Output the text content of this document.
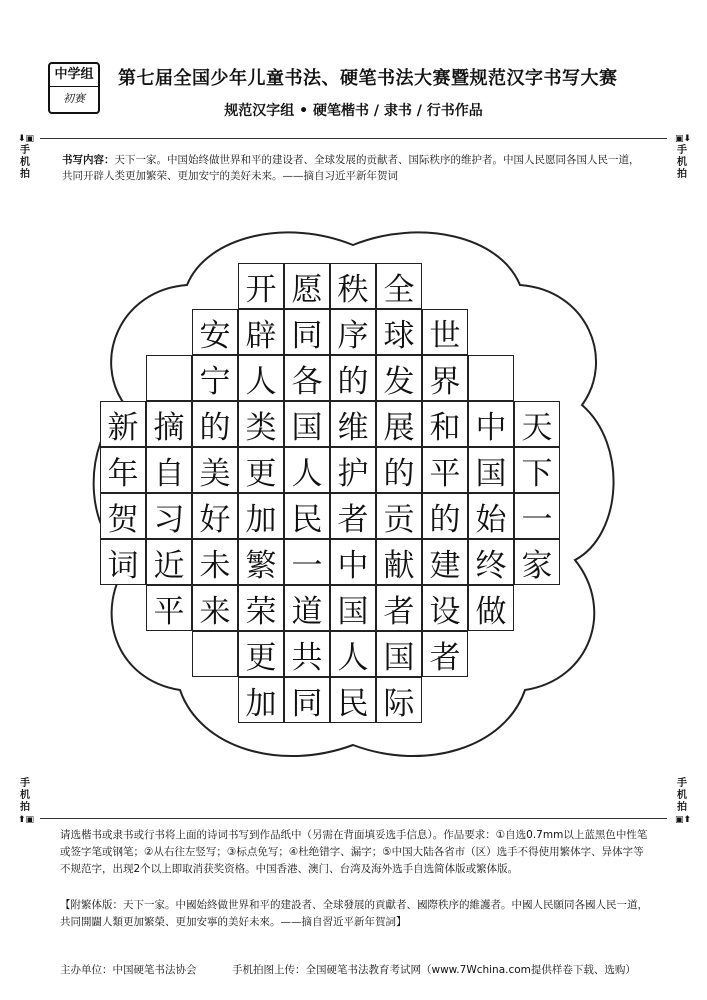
中学组
初赛
第七届全国少年儿童书法、硬笔书法大赛暨规范汉字书写大赛
规范汉字组 • 硬笔楷书 / 隶书 / 行书作品
⬇▣
手机拍
▣⬇
手机拍
手机拍
⬆▣
手机拍
▣⬆
书写内容：天下一家。中国始终做世界和平的建设者、全球发展的贡献者、国际秩序的维护者。中国人民愿同各国人民一道，共同开辟人类更加繁荣、更加安宁的美好未来。——摘自习近平新年贺词
开 愿 秩 全
安 辟 同 序 球 世
宁 人 各 的 发 界
新 摘 的 类 国 维 展 和 中 天
年 自 美 更 人 护 的 平 国 下
贺 习 好 加 民 者 贡 的 始 一
词 近 未 繁 一 中 献 建 终 家
平 来 荣 道 国 者 设 做
更 共 人 国 者
加 同 民 际
请选楷书或隶书或行书将上面的诗词书写到作品纸中（另需在背面填妥选手信息）。作品要求：①自选0.7mm以上蓝黑色中性笔或签字笔或钢笔；②从右往左竖写；③标点免写；④杜绝错字、漏字；⑤中国大陆各省市（区）选手不得使用繁体字、异体字等不规范字，出现2个以上即取消获奖资格。中国香港、澳门、台湾及海外选手自选简体版或繁体版。
【附繁体版：天下一家。中國始終做世界和平的建設者、全球發展的貢獻者、國際秩序的維護者。中國人民願同各國人民一道，共同開闢人類更加繁榮、更加安寧的美好未來。——摘自習近平新年賀詞】
主办单位：中国硬笔书法协会	手机拍图上传：全国硬笔书法教育考试网（www.7Wchina.com提供样卷下载、选购）
